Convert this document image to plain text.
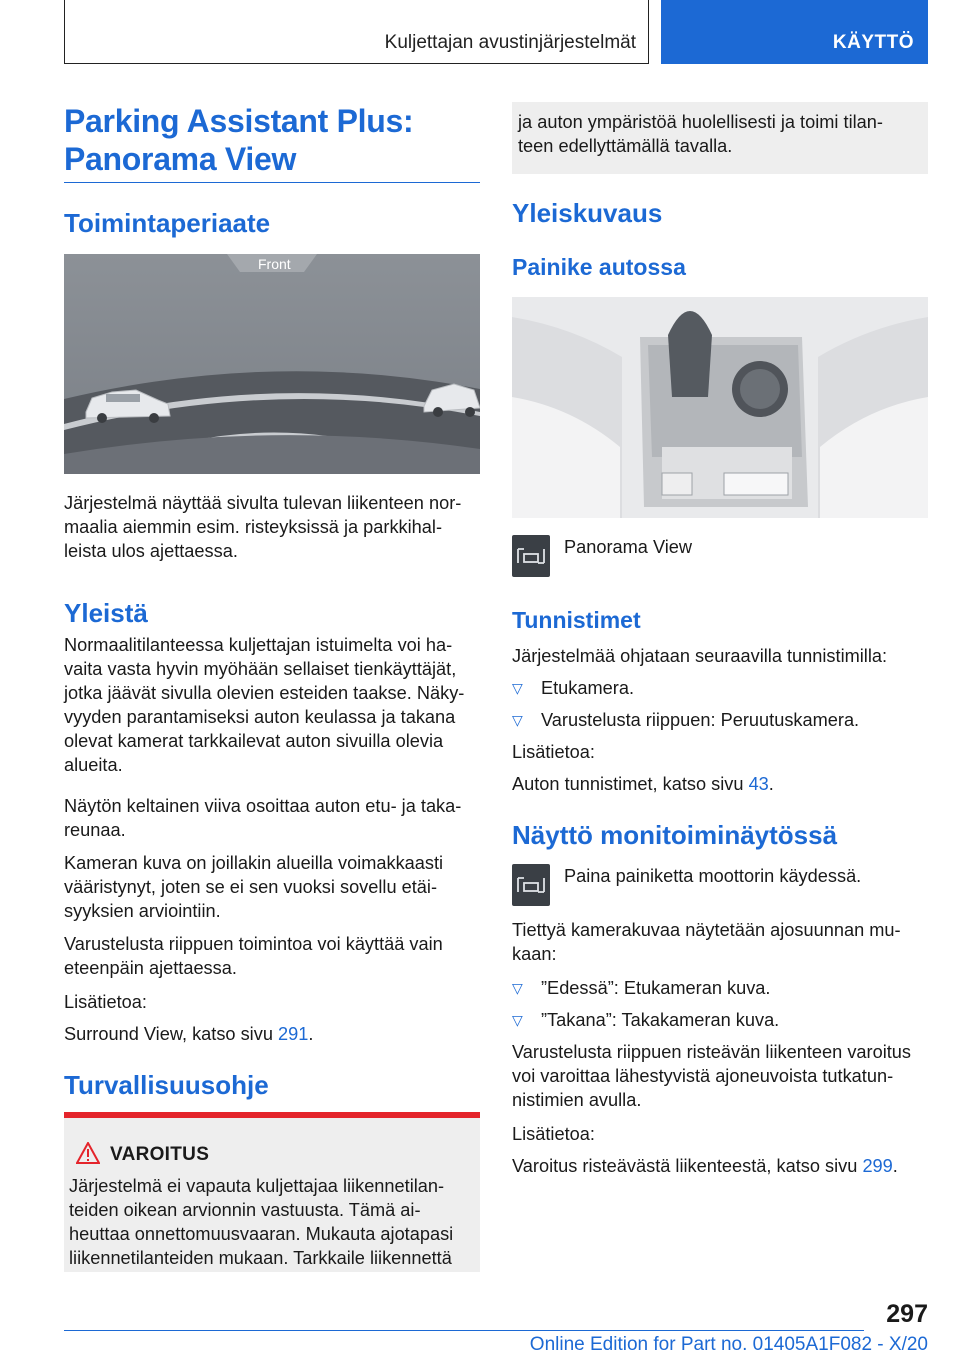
Kuljettajan avustinjärjestelmät	KÄYTTÖ
Parking Assistant Plus:
Panorama View
Toimintaperiaate
Front
Järjestelmä näyttää sivulta tulevan liikenteen nor-
maalia aiemmin esim. risteyksissä ja parkkihal-
leista ulos ajettaessa.
Yleistä
Normaalitilanteessa kuljettajan istuimelta voi ha-
vaita vasta hyvin myöhään sellaiset tienkäyttäjät,
jotka jäävät sivulla olevien esteiden taakse. Näky-
vyyden parantamiseksi auton keulassa ja takana
olevat kamerat tarkkailevat auton sivuilla olevia
alueita.
Näytön keltainen viiva osoittaa auton etu- ja taka-
reunaa.
Kameran kuva on joillakin alueilla voimakkaasti
vääristynyt, joten se ei sen vuoksi sovellu etäi-
syyksien arviointiin.
Varustelusta riippuen toimintoa voi käyttää vain
eteenpäin ajettaessa.
Lisätietoa:
Surround View, katso sivu 291.
Turvallisuusohje
VAROITUS
Järjestelmä ei vapauta kuljettajaa liikennetilan-
teiden oikean arvionnin vastuusta. Tämä ai-
heuttaa onnettomuusvaaran. Mukauta ajotapasi
liikennetilanteiden mukaan. Tarkkaile liikennettä
ja auton ympäristöä huolellisesti ja toimi tilan-
teen edellyttämällä tavalla.
Yleiskuvaus
Painike autossa
Panorama View
Tunnistimet
Järjestelmää ohjataan seuraavilla tunnistimilla:
▽ Etukamera.
▽ Varustelusta riippuen: Peruutuskamera.
Lisätietoa:
Auton tunnistimet, katso sivu 43.
Näyttö monitoiminäytössä
Paina painiketta moottorin käydessä.
Tiettyä kamerakuvaa näytetään ajosuunnan mu-
kaan:
▽ ”Edessä”: Etukameran kuva.
▽ ”Takana”: Takakameran kuva.
Varustelusta riippuen risteävän liikenteen varoitus
voi varoittaa lähestyvistä ajoneuvoista tutkatun-
nistimien avulla.
Lisätietoa:
Varoitus risteävästä liikenteestä, katso sivu 299.
297
Online Edition for Part no. 01405A1F082 - X/20
